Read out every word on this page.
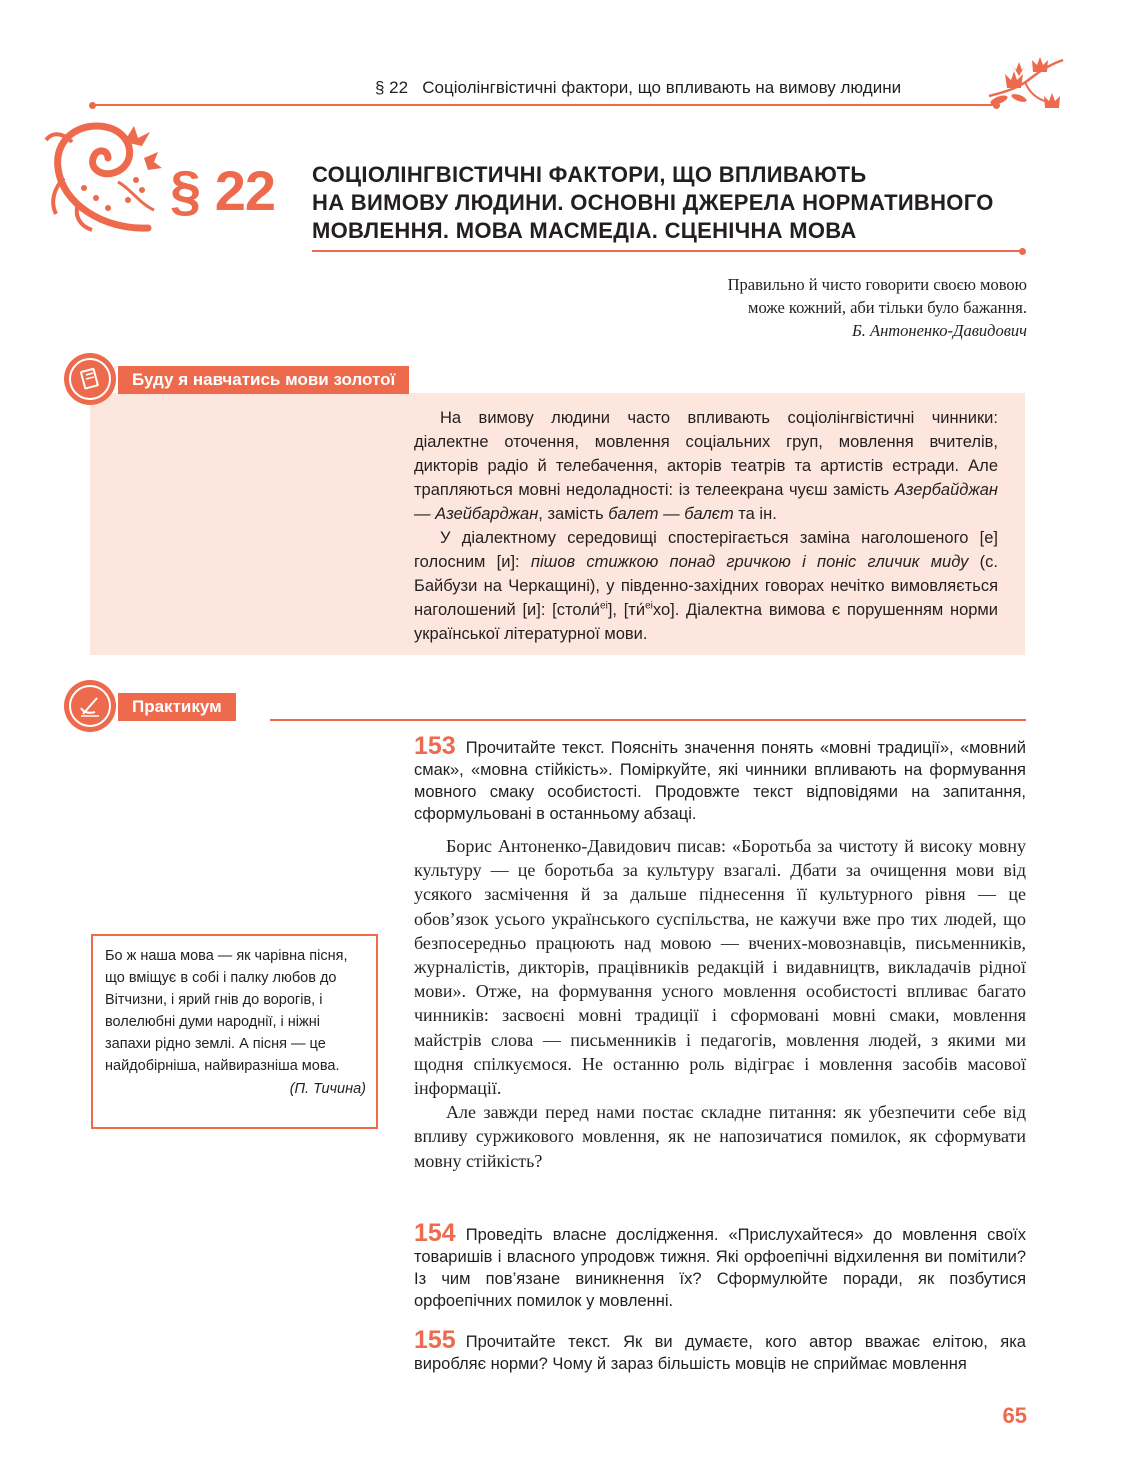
§ 22 Соціолінгвістичні фактори, що впливають на вимову людини
§ 22 СОЦІОЛІНГВІСТИЧНІ ФАКТОРИ, ЩО ВПЛИВАЮТЬ
НА ВИМОВУ ЛЮДИНИ. ОСНОВНІ ДЖЕРЕЛА НОРМАТИВНОГО
МОВЛЕННЯ. МОВА МАСМЕДІА. СЦЕНІЧНА МОВА
Правильно й чисто говорити своєю мовою
може кожний, аби тільки було бажання.
Б. Антоненко-Давидович
Буду я навчатись мови золотої

На вимову людини часто впливають соціолінгвістичні чинники: діалектне оточення, мовлення соціальних груп, мовлення вчителів, дикторів радіо й телебачення, акторів театрів та артистів естради. Але трапляються мовні недоладності: із телеекрана чуєш замість Азербайджан — Азейбарджан, замість балет — балєт та ін.

У діалектному середовищі спостерігається заміна наголошеного [е] голосним [и]: пішов стижкою понад гричкою і поніс гличик миду (с. Байбузи на Черкащині), у південно-західних говорах нечітко вимовляється наголошений [и]: [столи́$^{еі}$], [ти́$^{еі}$хо]. Діалектна вимова є порушенням норми української літературної мови.

Практикум
Бо ж наша мова — як чарівна пісня, що вміщує в собі і палку любов до Вітчизни, і ярий гнів до ворогів, і волелюбні думи народнії, і ніжні запахи рідно землі. А пісня — це найдобірніша, найвиразніша мова.
(П. Тичина)
153 Прочитайте текст. Поясніть значення понять «мовні традиції», «мовний смак», «мовна стійкість». Поміркуйте, які чинники впливають на формування мовного смаку особистості. Продовжте текст відповідями на запитання, сформульовані в останньому абзаці.

Борис Антоненко-Давидович писав: «Боротьба за чистоту й високу мовну культуру — це боротьба за культуру взагалі. Дбати за очищення мови від усякого засмічення й за дальше піднесення її культурного рівня — це обов’язок усього українського суспільства, не кажучи вже про тих людей, що безпосередньо працюють над мовою — вчених-мовознавців, письменників, журналістів, дикторів, працівників редакцій і видавництв, викладачів рідної мови». Отже, на формування усного мовлення особистості впливає багато чинників: засвоєні мовні традиції і сформовані мовні смаки, мовлення майстрів слова — письменників і педагогів, мовлення людей, з якими ми щодня спілкуємося. Не останню роль відіграє і мовлення засобів масової інформації.

Але завжди перед нами постає складне питання: як убезпечити себе від впливу суржикового мовлення, як не напозичатися помилок, як сформувати мовну стійкість?

154 Проведіть власне дослідження. «Прислухайтеся» до мовлення своїх товаришів і власного упродовж тижня. Які орфоепічні відхилення ви помітили? Із чим пов’язане виникнення їх? Сформулюйте поради, як позбутися орфоепічних помилок у мовленні.
155 Прочитайте текст. Як ви думаєте, кого автор вважає елітою, яка виробляє норми? Чому й зараз більшість мовців не сприймає мовлення
65
